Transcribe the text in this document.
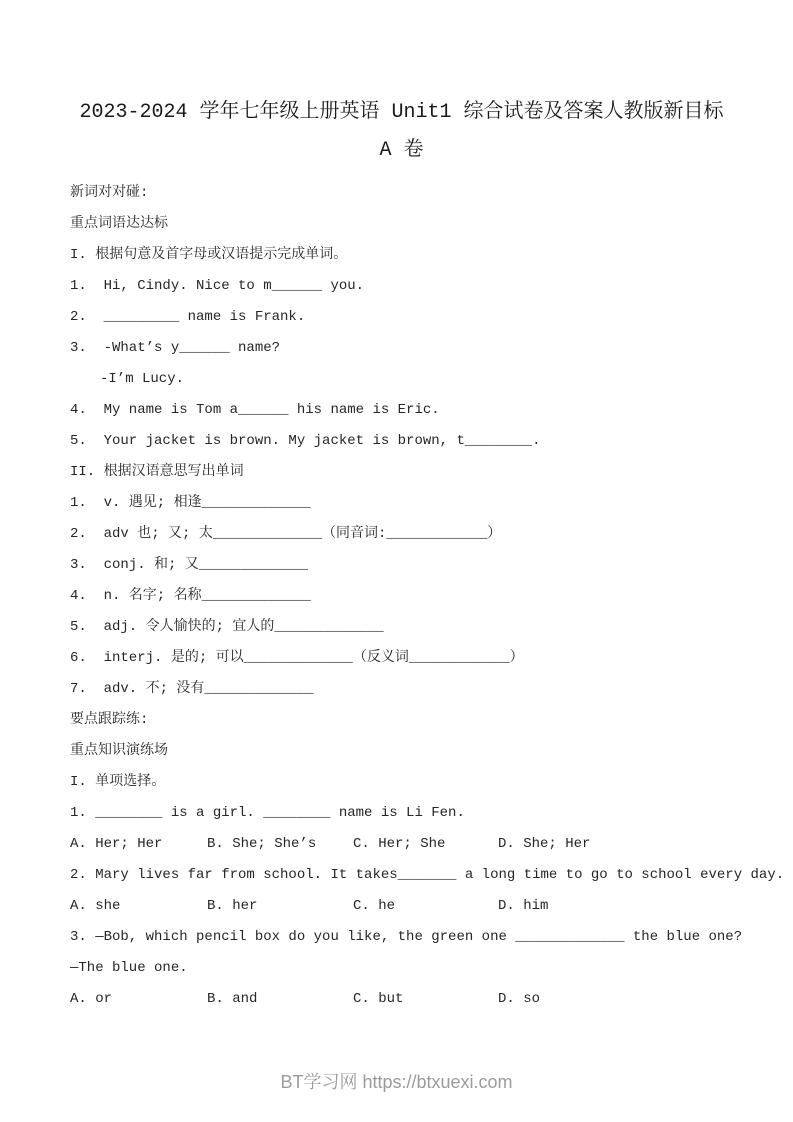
2023-2024 学年七年级上册英语 Unit1 综合试卷及答案人教版新目标 A 卷
新词对对碰:
重点词语达达标
I. 根据句意及首字母或汉语提示完成单词。
1.  Hi, Cindy. Nice to m______ you.
2.  _________ name is Frank.
3.  -What’s y______ name?
-I’m Lucy.
4.  My name is Tom a______ his name is Eric.
5.  Your jacket is brown. My jacket is brown, t________.
II. 根据汉语意思写出单词
1.  v. 遇见; 相逢_____________
2.  adv 也; 又; 太_____________（同音词:____________）
3.  conj. 和; 又_____________
4.  n. 名字; 名称_____________
5.  adj. 令人愉快的; 宜人的_____________
6.  interj. 是的; 可以_____________（反义词____________）
7.  adv. 不; 没有_____________
要点跟踪练:
重点知识演练场
I. 单项选择。
1. ________ is a girl. ________ name is Li Fen.
A. Her; Her	B. She; She’s	C. Her; She	D. She; Her
2. Mary lives far from school. It takes_______ a long time to go to school every day.
A. she	B. her	C. he	D. him
3. —Bob, which pencil box do you like, the green one _____________ the blue one?
—The blue one.
A. or	B. and	C. but	D. so
BT学习网 https://btxuexi.com
